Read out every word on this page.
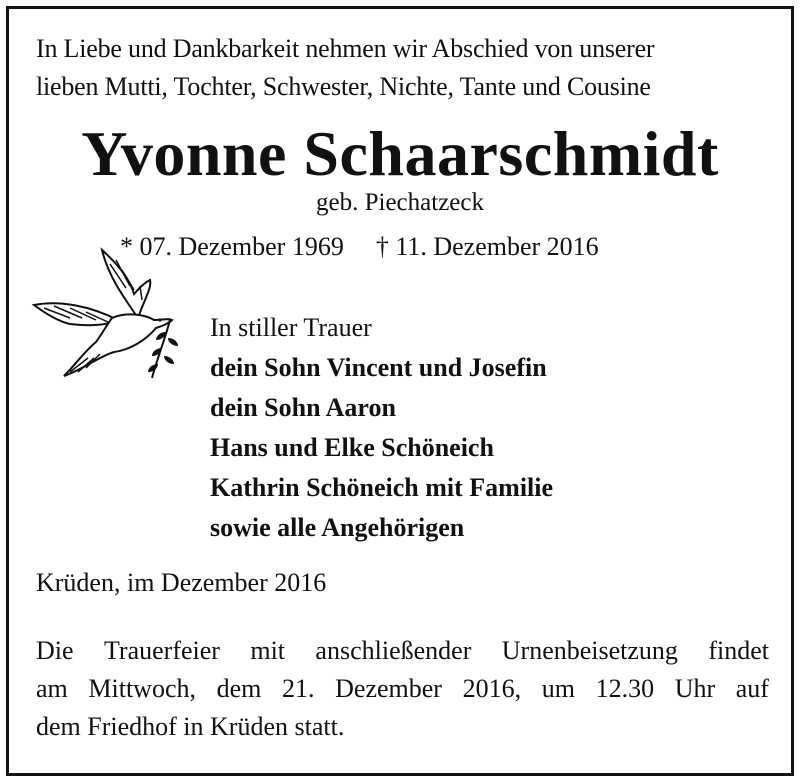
In Liebe und Dankbarkeit nehmen wir Abschied von unserer
lieben Mutti, Tochter, Schwester, Nichte, Tante und Cousine
Yvonne Schaarschmidt
geb. Piechatzeck
* 07. Dezember 1969 † 11. Dezember 2016
In stiller Trauer
dein Sohn Vincent und Josefin
dein Sohn Aaron
Hans und Elke Schöneich
Kathrin Schöneich mit Familie
sowie alle Angehörigen
Krüden, im Dezember 2016
Die Trauerfeier mit anschließender Urnenbeisetzung findet
am Mittwoch, dem 21. Dezember 2016, um 12.30 Uhr auf
dem Friedhof in Krüden statt.
